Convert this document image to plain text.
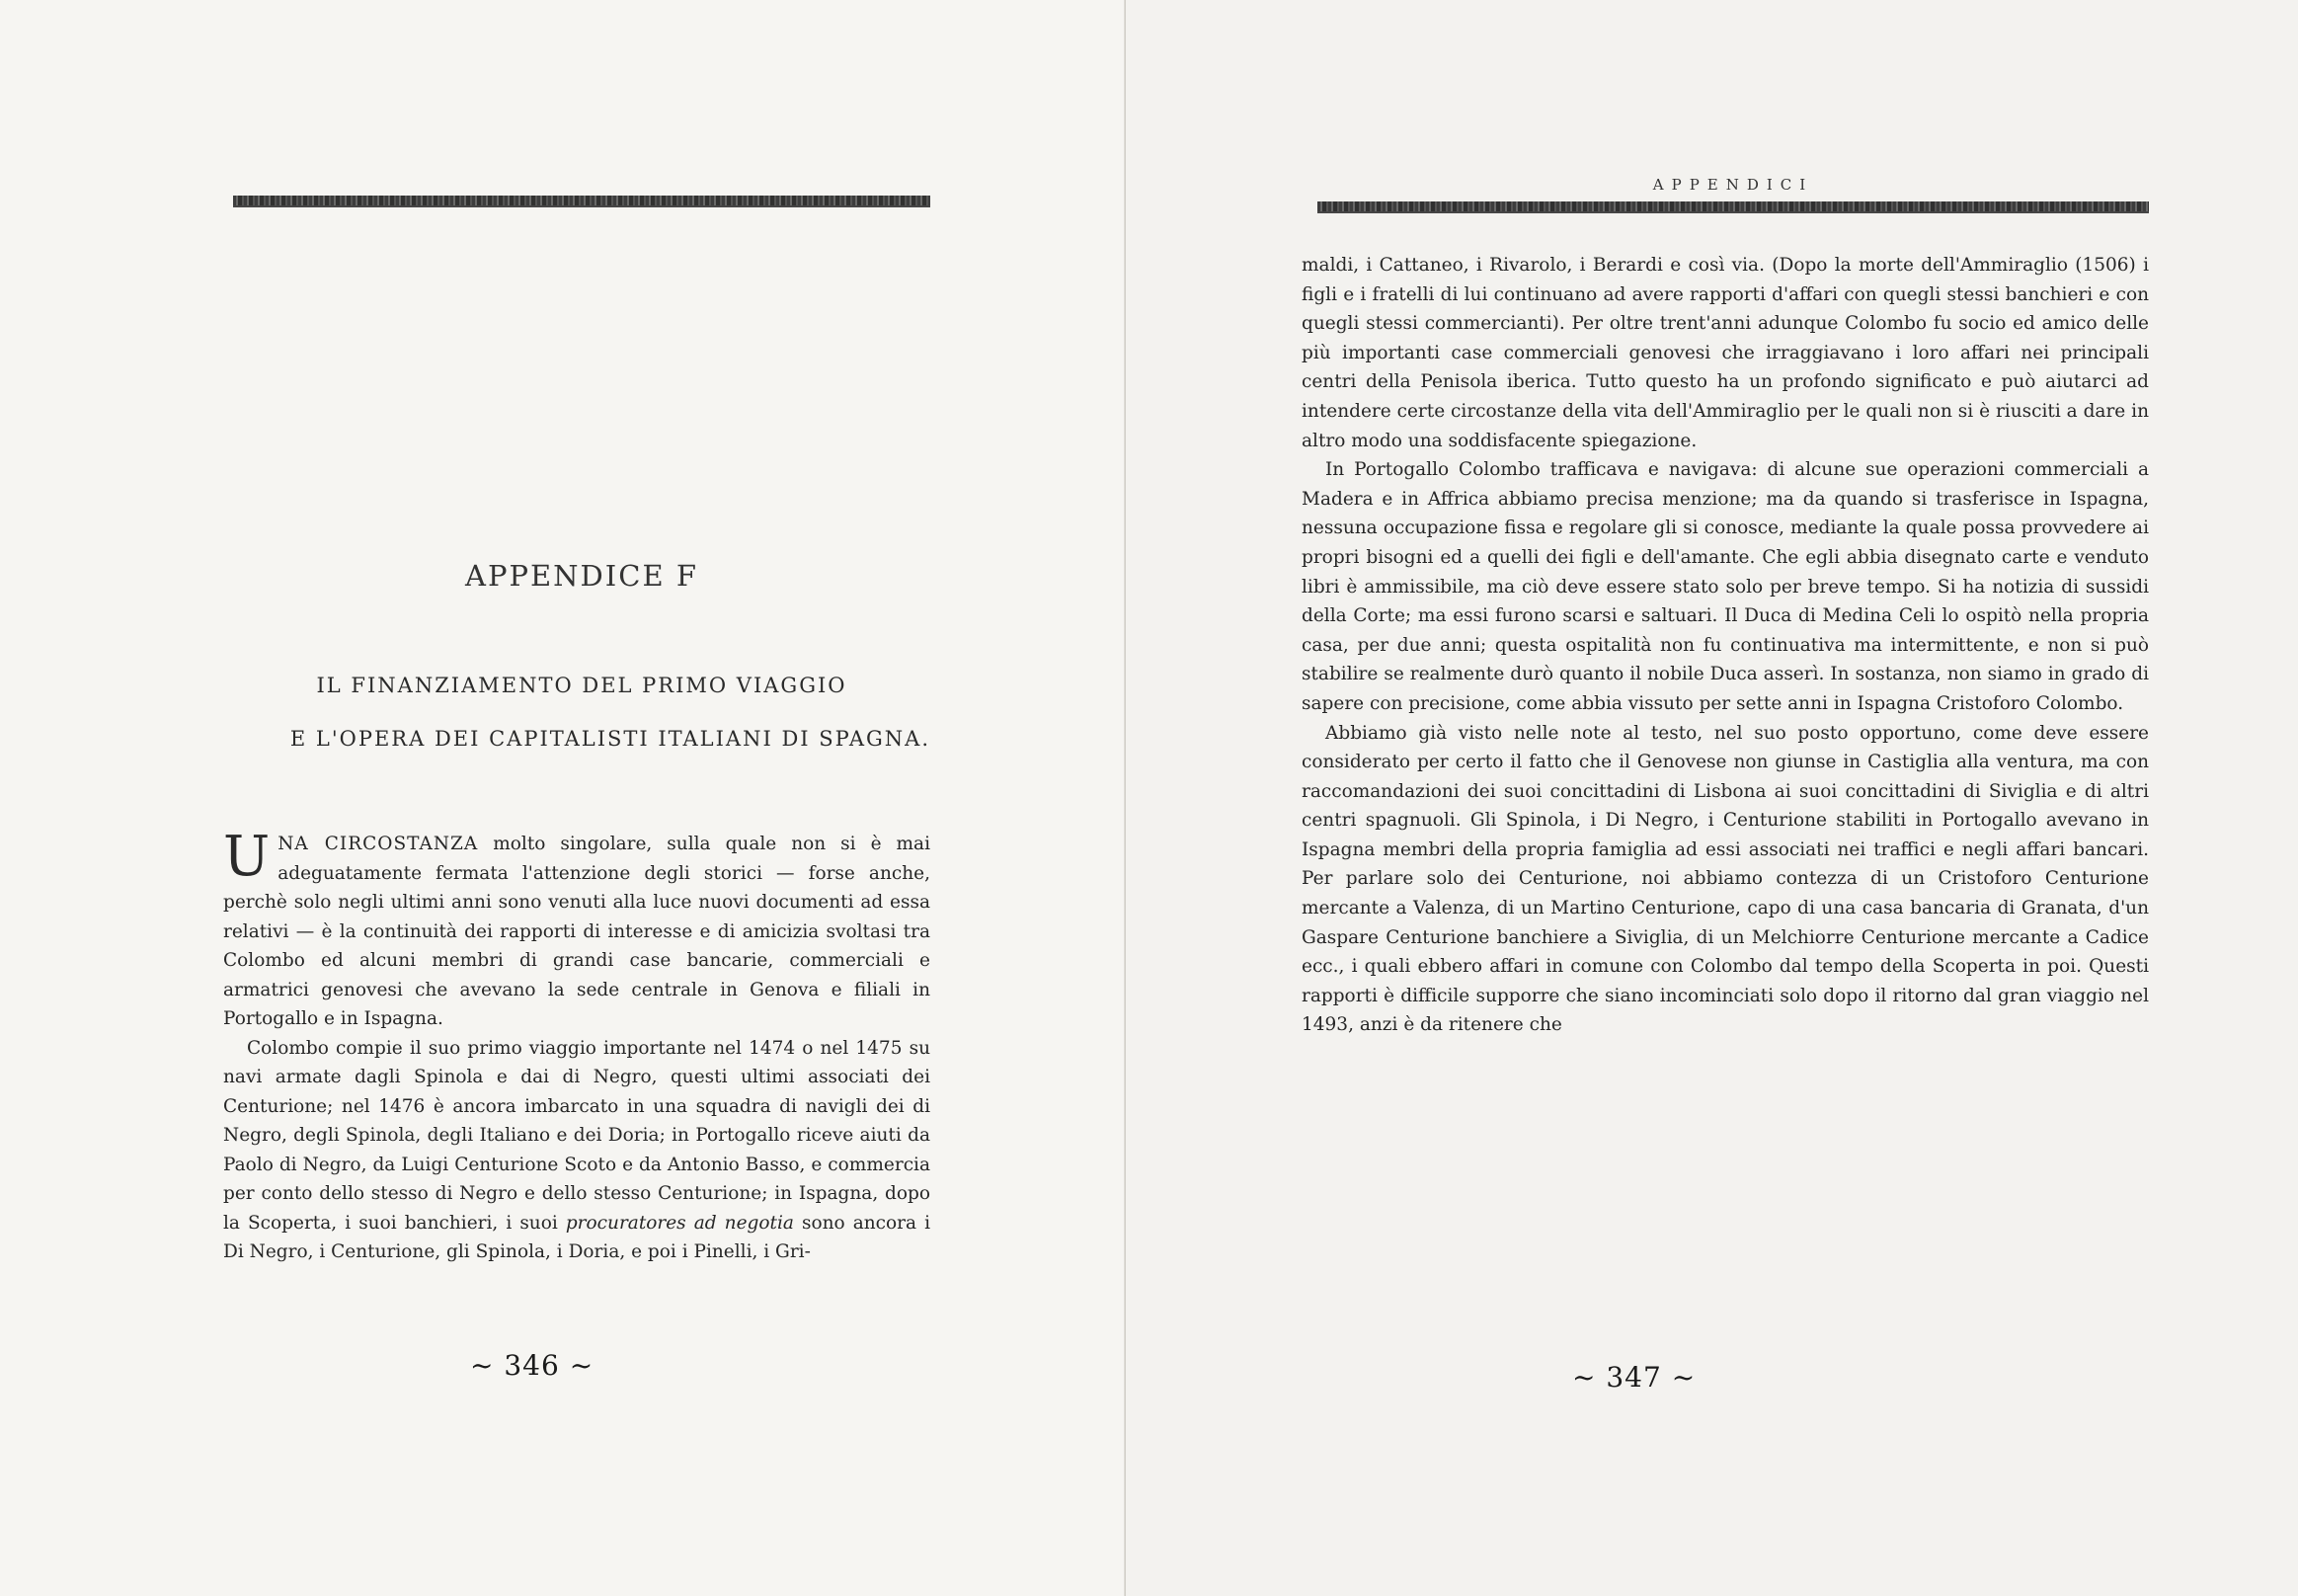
APPENDICE F
IL FINANZIAMENTO DEL PRIMO VIAGGIO
E L'OPERA DEI CAPITALISTI ITALIANI DI SPAGNA.

UNA CIRCOSTANZA molto singolare, sulla quale non si è mai adeguatamente fermata l'attenzione degli storici — forse anche, perchè solo negli ultimi anni sono venuti alla luce nuovi documenti ad essa relativi — è la continuità dei rapporti di interesse e di amicizia svoltasi tra Colombo ed alcuni membri di grandi case bancarie, commerciali e armatrici genovesi che avevano la sede centrale in Genova e filiali in Portogallo e in Ispagna.

Colombo compie il suo primo viaggio importante nel 1474 o nel 1475 su navi armate dagli Spinola e dai di Negro, questi ultimi associati dei Centurione; nel 1476 è ancora imbarcato in una squadra di navigli dei di Negro, degli Spinola, degli Italiano e dei Doria; in Portogallo riceve aiuti da Paolo di Negro, da Luigi Centurione Scoto e da Antonio Basso, e commercia per conto dello stesso di Negro e dello stesso Centurione; in Ispagna, dopo la Scoperta, i suoi banchieri, i suoi procuratores ad negotia sono ancora i Di Negro, i Centurione, gli Spinola, i Doria, e poi i Pinelli, i Gri-

~ 346 ~
APPENDICI

maldi, i Cattaneo, i Rivarolo, i Berardi e così via. (Dopo la morte dell'Ammiraglio (1506) i figli e i fratelli di lui continuano ad avere rapporti d'affari con quegli stessi banchieri e con quegli stessi commercianti). Per oltre trent'anni adunque Colombo fu socio ed amico delle più importanti case commerciali genovesi che irraggiavano i loro affari nei principali centri della Penisola iberica. Tutto questo ha un profondo significato e può aiutarci ad intendere certe circostanze della vita dell'Ammiraglio per le quali non si è riusciti a dare in altro modo una soddisfacente spiegazione.

In Portogallo Colombo trafficava e navigava: di alcune sue operazioni commerciali a Madera e in Affrica abbiamo precisa menzione; ma da quando si trasferisce in Ispagna, nessuna occupazione fissa e regolare gli si conosce, mediante la quale possa provvedere ai propri bisogni ed a quelli dei figli e dell'amante. Che egli abbia disegnato carte e venduto libri è ammissibile, ma ciò deve essere stato solo per breve tempo. Si ha notizia di sussidi della Corte; ma essi furono scarsi e saltuari. Il Duca di Medina Celi lo ospitò nella propria casa, per due anni; questa ospitalità non fu continuativa ma intermittente, e non si può stabilire se realmente durò quanto il nobile Duca asserì. In sostanza, non siamo in grado di sapere con precisione, come abbia vissuto per sette anni in Ispagna Cristoforo Colombo.

Abbiamo già visto nelle note al testo, nel suo posto opportuno, come deve essere considerato per certo il fatto che il Genovese non giunse in Castiglia alla ventura, ma con raccomandazioni dei suoi concittadini di Lisbona ai suoi concittadini di Siviglia e di altri centri spagnuoli. Gli Spinola, i Di Negro, i Centurione stabiliti in Portogallo avevano in Ispagna membri della propria famiglia ad essi associati nei traffici e negli affari bancari. Per parlare solo dei Centurione, noi abbiamo contezza di un Cristoforo Centurione mercante a Valenza, di un Martino Centurione, capo di una casa bancaria di Granata, d'un Gaspare Centurione banchiere a Siviglia, di un Melchiorre Centurione mercante a Cadice ecc., i quali ebbero affari in comune con Colombo dal tempo della Scoperta in poi. Questi rapporti è difficile supporre che siano incominciati solo dopo il ritorno dal gran viaggio nel 1493, anzi è da ritenere che

~ 347 ~
